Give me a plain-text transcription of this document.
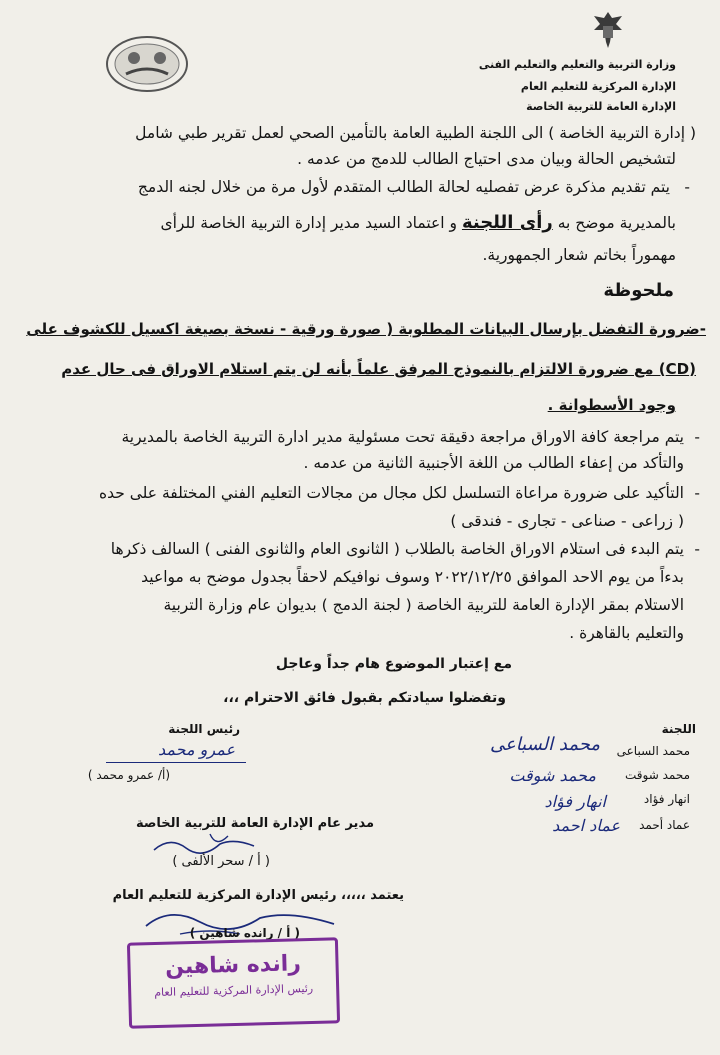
وزارة التربية والتعليم والتعليم الفنى
الإدارة المركزية للتعليم العام
الإدارة العامة للتربية الخاصة
( إدارة التربية الخاصة ) الى اللجنة الطبية العامة بالتأمين الصحي لعمل تقرير طبي شامل
لتشخيص الحالة وبيان مدى احتياج الطالب للدمج من عدمه .
-
يتم تقديم مذكرة عرض تفصليه لحالة الطالب المتقدم لأول مرة من خلال لجنه الدمج
بالمديرية موضح به رأى اللجنة و اعتماد السيد مدير إدارة التربية الخاصة للرأى
مهموراً بخاتم شعار الجمهورية.
ملحوظة
-ضرورة التفضل بإرسال البيانات المطلوبة ( صورة ورقية - نسخة بصيغة اكسيل للكشوف على
(CD) مع ضرورة الالتزام بالنموذج المرفق علماً بأنه لن يتم استلام الاوراق فى حال عدم
وجود الأسطوانة .
-
يتم مراجعة كافة الاوراق مراجعة دقيقة تحت مسئولية مدير ادارة التربية الخاصة بالمديرية
والتأكد من إعفاء الطالب من اللغة الأجنبية الثانية من عدمه .
-
التأكيد على ضرورة مراعاة التسلسل لكل مجال من مجالات التعليم الفني المختلفة على حده
( زراعى - صناعى - تجارى - فندقى )
-
يتم البدء فى استلام الاوراق الخاصة بالطلاب ( الثانوى العام والثانوى الفنى ) السالف ذكرها
بدءاً من يوم الاحد الموافق ٢٠٢٢/١٢/٢٥ وسوف نوافيكم لاحقاً بجدول موضح به مواعيد
الاستلام بمقر الإدارة العامة للتربية الخاصة ( لجنة الدمج ) بديوان عام وزارة التربية
والتعليم بالقاهرة .
مع إعتبار الموضوع هام جداً وعاجل
وتفضلوا سيادتكم بقبول فائق الاحترام ،،،
رئيس اللجنة
عمرو محمد
(أ/ عمرو محمد )
اللجنة
محمد السباعى
محمد شوقت
انهار فؤاد
عماد أحمد
محمد السباعى
محمد شوقت
انهار فؤاد
عماد احمد
مدير عام الإدارة العامة للتربية الخاصة
( أ / سحر الألفى )
يعتمد ،،،،، رئيس الإدارة المركزية للتعليم العام
( أ / رانده شاهين )
رانده شاهين
رئيس الإدارة المركزية للتعليم العام
